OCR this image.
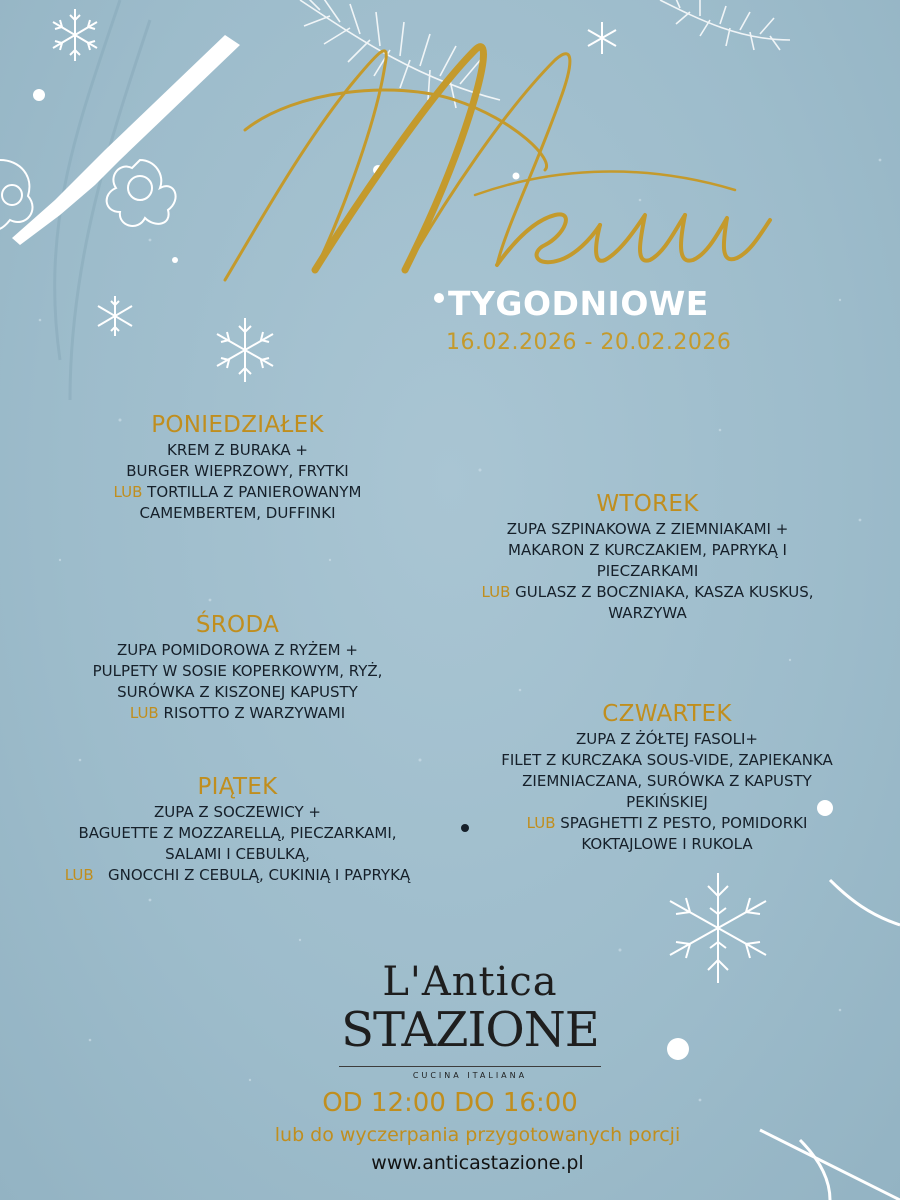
TYGODNIOWE
16.02.2026 - 20.02.2026
PONIEDZIAŁEK
KREM Z BURAKA +
BURGER WIEPRZOWY, FRYTKI
LUB TORTILLA Z PANIEROWANYM
CAMEMBERTEM, DUFFINKI	WTOREK
ZUPA SZPINAKOWA Z ZIEMNIAKAMI +
MAKARON Z KURCZAKIEM, PAPRYKĄ I
PIECZARKAMI
LUB GULASZ Z BOCZNIAKA, KASZA KUSKUS,
WARZYWA
ŚRODA
ZUPA POMIDOROWA Z RYŻEM +
PULPETY W SOSIE KOPERKOWYM, RYŻ,
SURÓWKA Z KISZONEJ KAPUSTY
LUB RISOTTO Z WARZYWAMI	CZWARTEK
ZUPA Z ŻÓŁTEJ FASOLI+
FILET Z KURCZAKA SOUS-VIDE, ZAPIEKANKA
ZIEMNIACZANA, SURÓWKA Z KAPUSTY
PEKIŃSKIEJ
LUB SPAGHETTI Z PESTO, POMIDORKI
KOKTAJLOWE I RUKOLA
PIĄTEK
ZUPA Z SOCZEWICY +
BAGUETTE Z MOZZARELLĄ, PIECZARKAMI,
SALAMI I CEBULKĄ,
LUB GNOCCHI Z CEBULĄ, CUKINIĄ I PAPRYKĄ
L'Antica
STAZIONE
CUCINA ITALIANA
OD 12:00 DO 16:00
lub do wyczerpania przygotowanych porcji
www.anticastazione.pl
